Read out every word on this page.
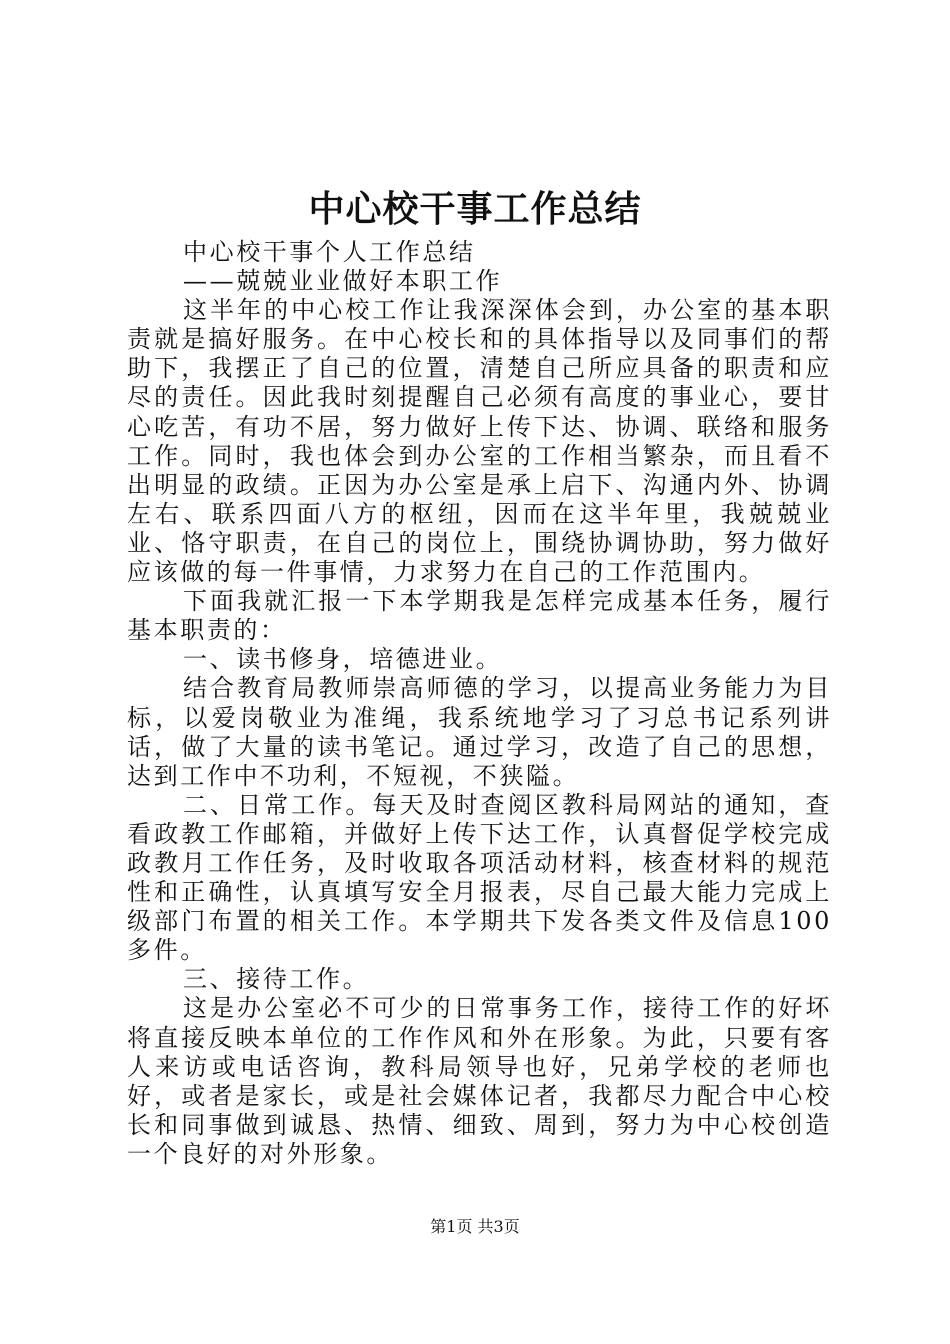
中心校干事工作总结

中心校干事个人工作总结

——兢兢业业做好本职工作

这半年的中心校工作让我深深体会到，办公室的基本职责就是搞好服务。在中心校长和的具体指导以及同事们的帮助下，我摆正了自己的位置，清楚自己所应具备的职责和应尽的责任。因此我时刻提醒自己必须有高度的事业心，要甘心吃苦，有功不居，努力做好上传下达、协调、联络和服务工作。同时，我也体会到办公室的工作相当繁杂，而且看不出明显的政绩。正因为办公室是承上启下、沟通内外、协调左右、联系四面八方的枢纽，因而在这半年里，我兢兢业业、恪守职责，在自己的岗位上，围绕协调协助，努力做好应该做的每一件事情，力求努力在自己的工作范围内。

下面我就汇报一下本学期我是怎样完成基本任务，履行基本职责的：

一、读书修身，培德进业。

结合教育局教师崇高师德的学习，以提高业务能力为目标，以爱岗敬业为准绳，我系统地学习了习总书记系列讲话，做了大量的读书笔记。通过学习，改造了自己的思想，达到工作中不功利，不短视，不狭隘。

二、日常工作。每天及时查阅区教科局网站的通知，查看政教工作邮箱，并做好上传下达工作，认真督促学校完成政教月工作任务，及时收取各项活动材料，核查材料的规范性和正确性，认真填写安全月报表，尽自己最大能力完成上级部门布置的相关工作。本学期共下发各类文件及信息100多件。

三、接待工作。

这是办公室必不可少的日常事务工作，接待工作的好坏将直接反映本单位的工作作风和外在形象。为此，只要有客人来访或电话咨询，教科局领导也好，兄弟学校的老师也好，或者是家长，或是社会媒体记者，我都尽力配合中心校长和同事做到诚恳、热情、细致、周到，努力为中心校创造一个良好的对外形象。

第1页 共3页
